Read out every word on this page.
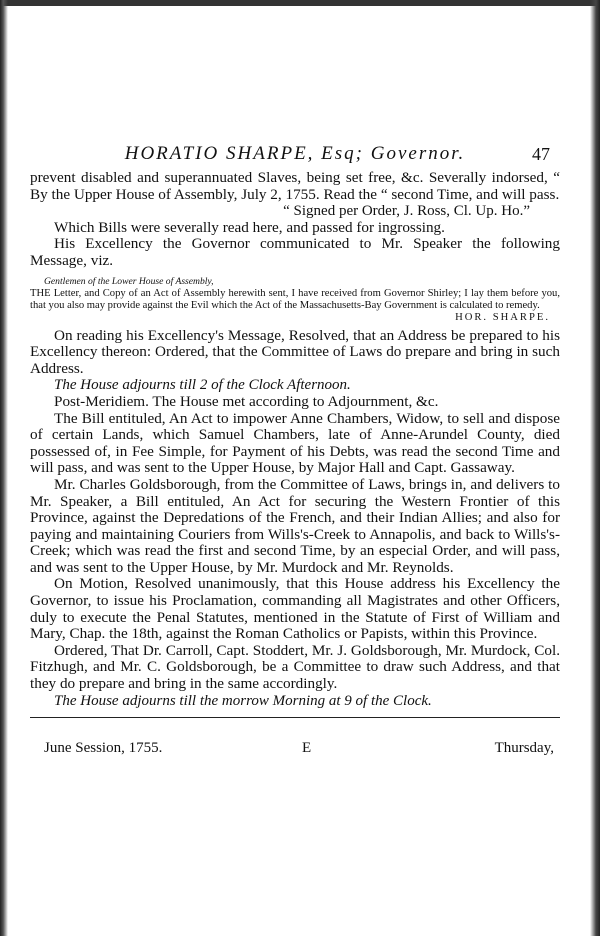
HORATIO SHARPE, Esq; Governor.	47

prevent disabled and superannuated Slaves, being set free, &c. Severally indorsed, “ By the Upper House of Assembly, July 2, 1755. Read the “ second Time, and will pass.

“ Signed per Order, J. Ross, Cl. Up. Ho.”

Which Bills were severally read here, and passed for ingrossing.

His Excellency the Governor communicated to Mr. Speaker the following Message, viz.

Gentlemen of the Lower House of Assembly,

THE Letter, and Copy of an Act of Assembly herewith sent, I have received from Governor Shirley; I lay them before you, that you also may provide against the Evil which the Act of the Massachusetts-Bay Government is calculated to remedy.

HOR. SHARPE.

On reading his Excellency's Message, Resolved, that an Address be prepared to his Excellency thereon: Ordered, that the Committee of Laws do prepare and bring in such Address.

The House adjourns till 2 of the Clock Afternoon.

Post-Meridiem. The House met according to Adjournment, &c.

The Bill entituled, An Act to impower Anne Chambers, Widow, to sell and dispose of certain Lands, which Samuel Chambers, late of Anne-Arundel County, died possessed of, in Fee Simple, for Payment of his Debts, was read the second Time and will pass, and was sent to the Upper House, by Major Hall and Capt. Gassaway.

Mr. Charles Goldsborough, from the Committee of Laws, brings in, and delivers to Mr. Speaker, a Bill entituled, An Act for securing the Western Frontier of this Province, against the Depredations of the French, and their Indian Allies; and also for paying and maintaining Couriers from Wills's-Creek to Annapolis, and back to Wills's-Creek; which was read the first and second Time, by an especial Order, and will pass, and was sent to the Upper House, by Mr. Murdock and Mr. Reynolds.

On Motion, Resolved unanimously, that this House address his Excellency the Governor, to issue his Proclamation, commanding all Magistrates and other Officers, duly to execute the Penal Statutes, mentioned in the Statute of First of William and Mary, Chap. the 18th, against the Roman Catholics or Papists, within this Province.

Ordered, That Dr. Carroll, Capt. Stoddert, Mr. J. Goldsborough, Mr. Murdock, Col. Fitzhugh, and Mr. C. Goldsborough, be a Committee to draw such Address, and that they do prepare and bring in the same accordingly.

The House adjourns till the morrow Morning at 9 of the Clock.
June Session, 1755.	E	Thursday,
